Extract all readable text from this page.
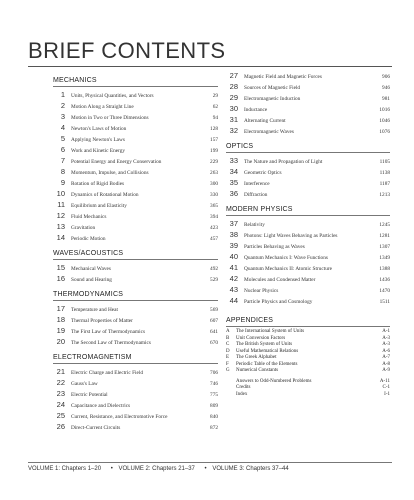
BRIEF CONTENTS
MECHANICS
1 Units, Physical Quantities, and Vectors	29
2 Motion Along a Straight Line	62
3 Motion in Two or Three Dimensions	94
4 Newton's Laws of Motion	128
5 Applying Newton's Laws	157
6 Work and Kinetic Energy	199
7 Potential Energy and Energy Conservation	229
8 Momentum, Impulse, and Collisions	263
9 Rotation of Rigid Bodies	300
10 Dynamics of Rotational Motion	330
11 Equilibrium and Elasticity	365
12 Fluid Mechanics	394
13 Gravitation	423
14 Periodic Motion	457
WAVES/ACOUSTICS
15 Mechanical Waves	492
16 Sound and Hearing	529
THERMODYNAMICS
17 Temperature and Heat	569
18 Thermal Properties of Matter	607
19 The First Law of Thermodynamics	641
20 The Second Law of Thermodynamics	670
ELECTROMAGNETISM
21 Electric Charge and Electric Field	706
22 Gauss's Law	746
23 Electric Potential	775
24 Capacitance and Dielectrics	809
25 Current, Resistance, and Electromotive Force	840
26 Direct-Current Circuits	872
27 Magnetic Field and Magnetic Forces	906
28 Sources of Magnetic Field	946
29 Electromagnetic Induction	981
30 Inductance	1016
31 Alternating Current	1046
32 Electromagnetic Waves	1076
OPTICS
33 The Nature and Propagation of Light	1105
34 Geometric Optics	1138
35 Interference	1187
36 Diffraction	1213
MODERN PHYSICS
37 Relativity	1245
38 Photons: Light Waves Behaving as Particles	1281
39 Particles Behaving as Waves	1307
40 Quantum Mechanics I: Wave Functions	1349
41 Quantum Mechanics II: Atomic Structure	1388
42 Molecules and Condensed Matter	1436
43 Nuclear Physics	1470
44 Particle Physics and Cosmology	1511
APPENDICES
A	The International System of Units	A-1
B	Unit Conversion Factors	A-3
C	The British System of Units	A-3
D	Useful Mathematical Relations	A-6
E	The Greek Alphabet	A-7
F	Periodic Table of the Elements	A-8
G	Numerical Constants	A-9
Answers to Odd-Numbered Problems	A-11
Credits	C-1
Index	I-1
VOLUME 1: Chapters 1–20 • VOLUME 2: Chapters 21–37 • VOLUME 3: Chapters 37–44
